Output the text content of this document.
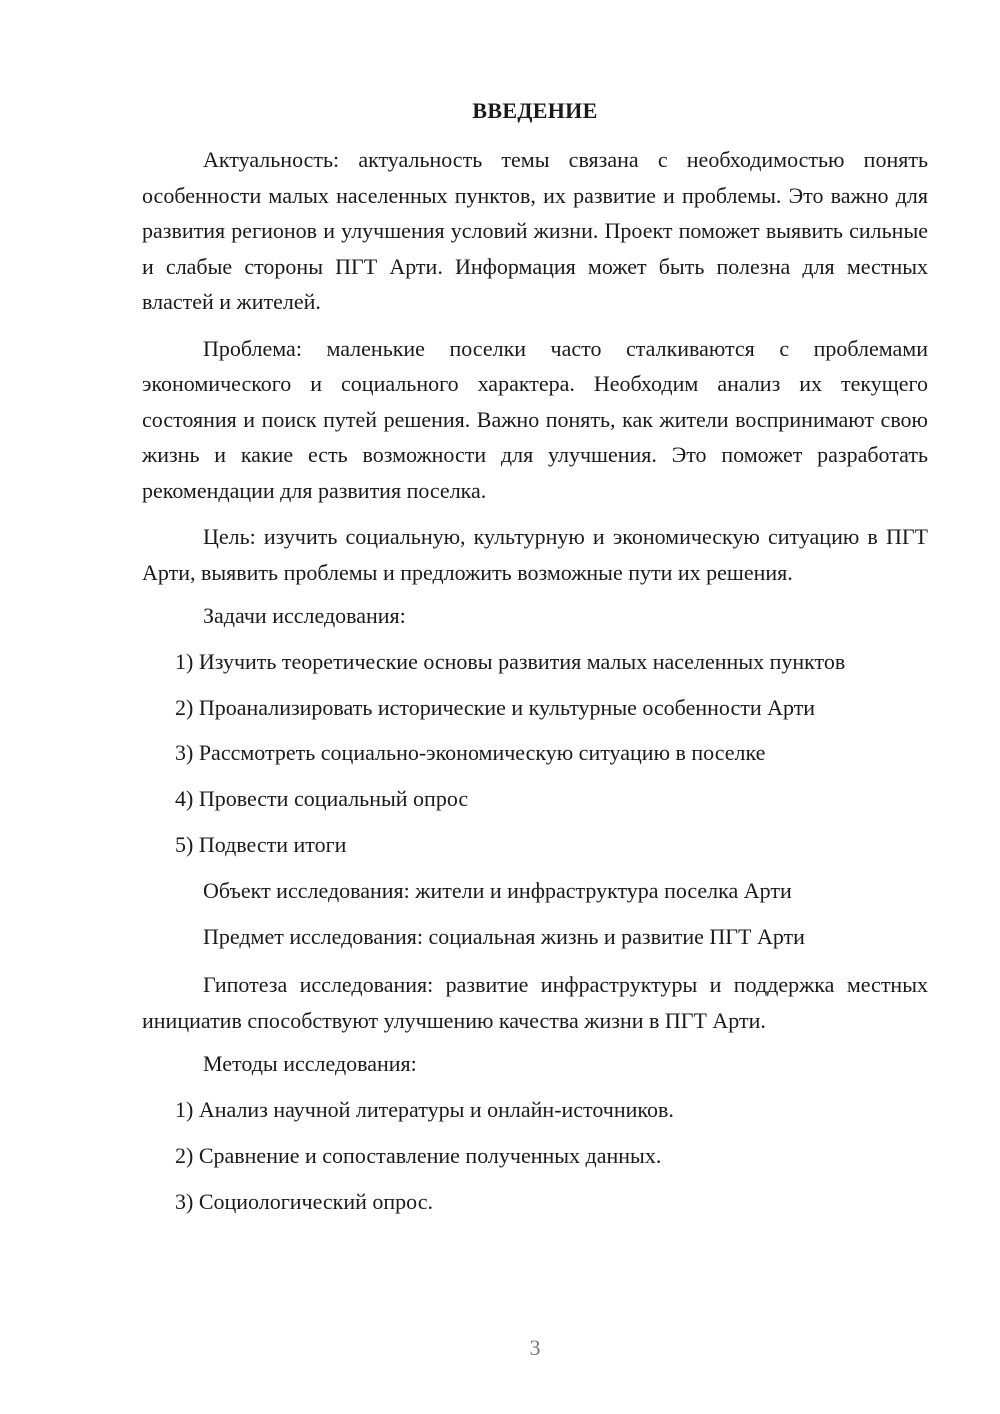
ВВЕДЕНИЕ

Актуальность: актуальность темы связана с необходимостью понять особенности малых населенных пунктов, их развитие и проблемы. Это важно для развития регионов и улучшения условий жизни. Проект поможет выявить сильные и слабые стороны ПГТ Арти. Информация может быть полезна для местных властей и жителей.

Проблема: маленькие поселки часто сталкиваются с проблемами экономического и социального характера. Необходим анализ их текущего состояния и поиск путей решения. Важно понять, как жители воспринимают свою жизнь и какие есть возможности для улучшения. Это поможет разработать рекомендации для развития поселка.

Цель: изучить социальную, культурную и экономическую ситуацию в ПГТ Арти, выявить проблемы и предложить возможные пути их решения.

Задачи исследования:
1) Изучить теоретические основы развития малых населенных пунктов
2) Проанализировать исторические и культурные особенности Арти
3) Рассмотреть социально-экономическую ситуацию в поселке
4) Провести социальный опрос
5) Подвести итоги
Объект исследования: жители и инфраструктура поселка Арти
Предмет исследования: социальная жизнь и развитие ПГТ Арти

Гипотеза исследования: развитие инфраструктуры и поддержка местных инициатив способствуют улучшению качества жизни в ПГТ Арти.

Методы исследования:
1) Анализ научной литературы и онлайн-источников.
2) Сравнение и сопоставление полученных данных.
3) Социологический опрос.
3
